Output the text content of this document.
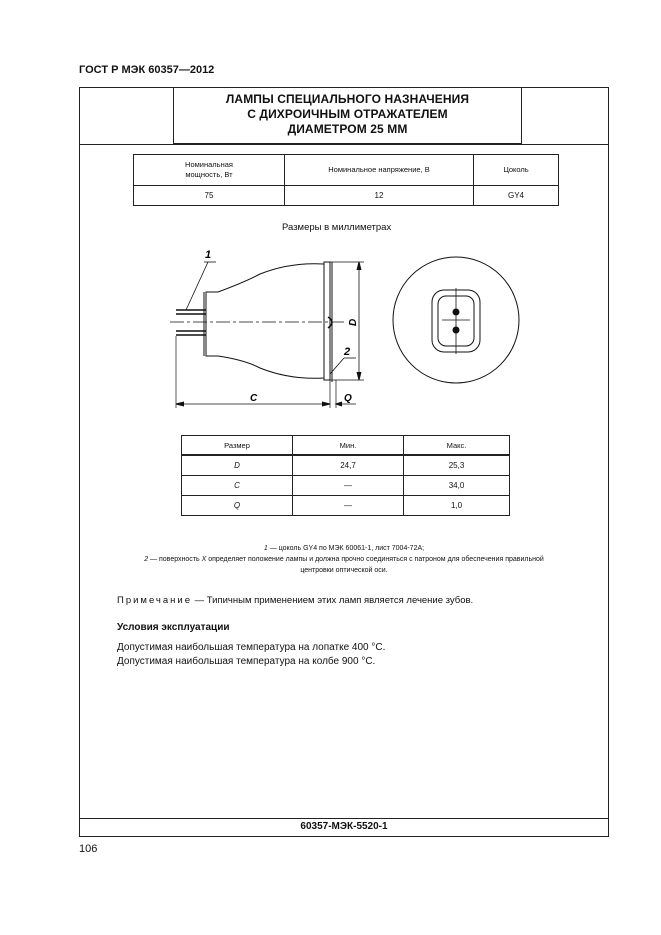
ГОСТ Р МЭК 60357—2012
ЛАМПЫ СПЕЦИАЛЬНОГО НАЗНАЧЕНИЯ
С ДИХРОИЧНЫМ ОТРАЖАТЕЛЕМ
ДИАМЕТРОМ 25 ММ
Номинальная мощность, Вт	Номинальное напряжение, В	Цоколь
75	12	GY4
Размеры в миллиметрах
1
2
C	Q
D
Размер	Мин.	Макс.
D	24,7	25,3
C	—	34,0
Q	—	1,0
1 — цоколь GY4 по МЭК 60061-1, лист 7004-72А;
2 — поверхность X определяет положение лампы и должна прочно соединяться с патроном для обеспечения правильной
центровки оптической оси.
Примечание — Типичным применением этих ламп является лечение зубов.
Условия эксплуатации
Допустимая наибольшая температура на лопатке 400 °С.
Допустимая наибольшая температура на колбе 900 °С.
60357-МЭК-5520-1
106
